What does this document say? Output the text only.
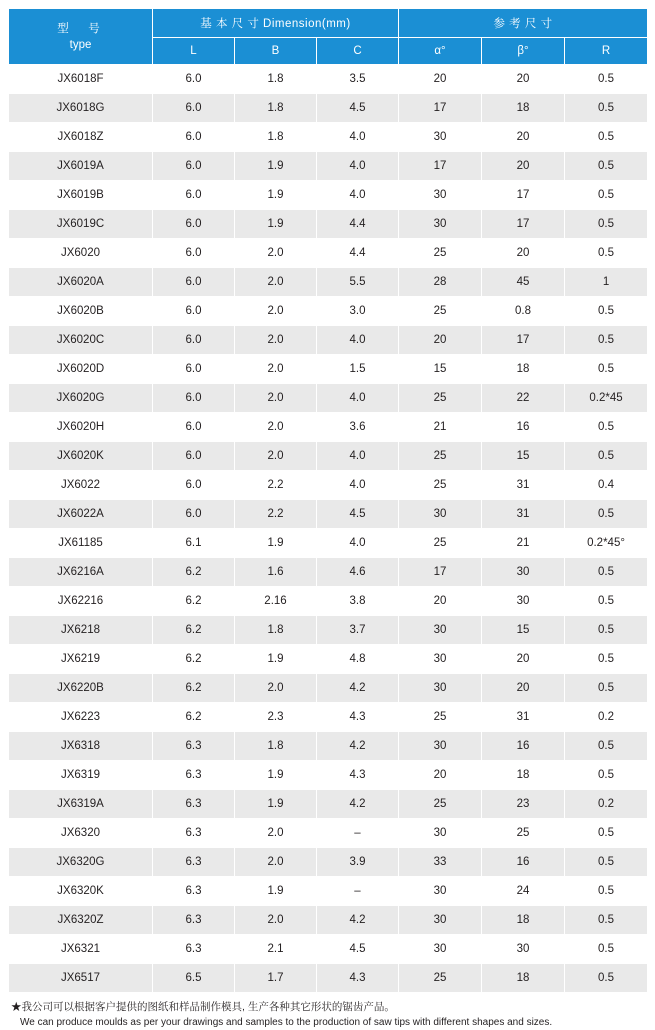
型　号
type	基 本 尺 寸 Dimension(mm)			参 考 尺 寸		
	L	B	C	α°	β°	R
JX6018F	6.0	1.8	3.5	20	20	0.5
JX6018G	6.0	1.8	4.5	17	18	0.5
JX6018Z	6.0	1.8	4.0	30	20	0.5
JX6019A	6.0	1.9	4.0	17	20	0.5
JX6019B	6.0	1.9	4.0	30	17	0.5
JX6019C	6.0	1.9	4.4	30	17	0.5
JX6020	6.0	2.0	4.4	25	20	0.5
JX6020A	6.0	2.0	5.5	28	45	1
JX6020B	6.0	2.0	3.0	25	0.8	0.5
JX6020C	6.0	2.0	4.0	20	17	0.5
JX6020D	6.0	2.0	1.5	15	18	0.5
JX6020G	6.0	2.0	4.0	25	22	0.2*45
JX6020H	6.0	2.0	3.6	21	16	0.5
JX6020K	6.0	2.0	4.0	25	15	0.5
JX6022	6.0	2.2	4.0	25	31	0.4
JX6022A	6.0	2.2	4.5	30	31	0.5
JX61185	6.1	1.9	4.0	25	21	0.2*45°
JX6216A	6.2	1.6	4.6	17	30	0.5
JX62216	6.2	2.16	3.8	20	30	0.5
JX6218	6.2	1.8	3.7	30	15	0.5
JX6219	6.2	1.9	4.8	30	20	0.5
JX6220B	6.2	2.0	4.2	30	20	0.5
JX6223	6.2	2.3	4.3	25	31	0.2
JX6318	6.3	1.8	4.2	30	16	0.5
JX6319	6.3	1.9	4.3	20	18	0.5
JX6319A	6.3	1.9	4.2	25	23	0.2
JX6320	6.3	2.0	–	30	25	0.5
JX6320G	6.3	2.0	3.9	33	16	0.5
JX6320K	6.3	1.9	–	30	24	0.5
JX6320Z	6.3	2.0	4.2	30	18	0.5
JX6321	6.3	2.1	4.5	30	30	0.5
JX6517	6.5	1.7	4.3	25	18	0.5
★我公司可以根据客户提供的图纸和样品制作模具, 生产各种其它形状的锯齿产品。
We can produce moulds as per your drawings and samples to the production of saw tips with different shapes and sizes.
